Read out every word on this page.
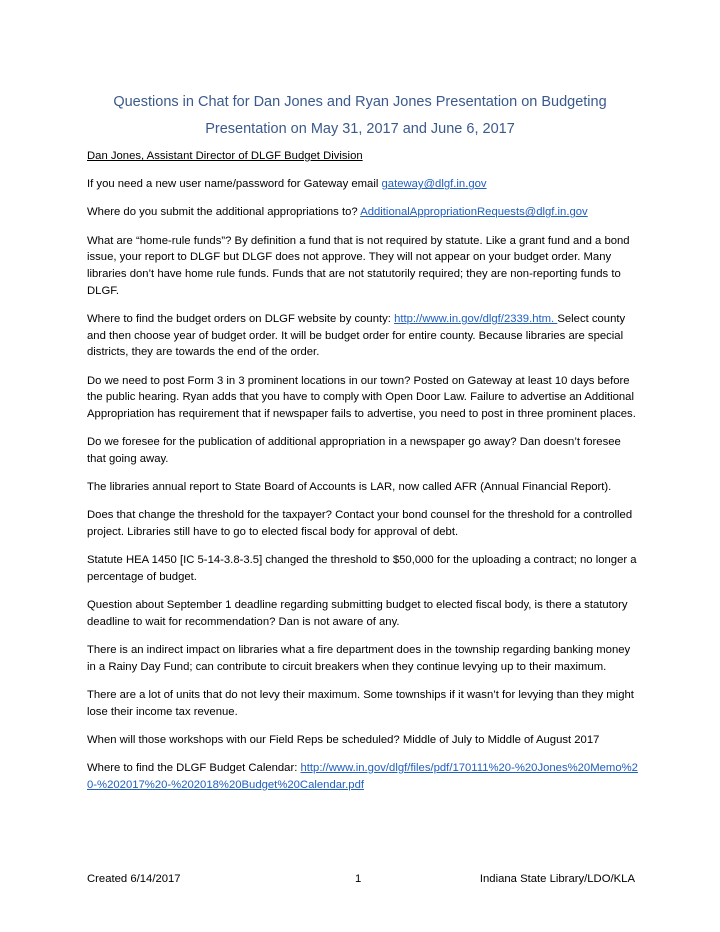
Questions in Chat for Dan Jones and Ryan Jones Presentation on Budgeting
Presentation on May 31, 2017 and June 6, 2017

Dan Jones, Assistant Director of DLGF Budget Division

If you need a new user name/password for Gateway email gateway@dlgf.in.gov

Where do you submit the additional appropriations to? AdditionalAppropriationRequests@dlgf.in.gov

What are “home-rule funds”? By definition a fund that is not required by statute. Like a grant fund and a bond issue, your report to DLGF but DLGF does not approve. They will not appear on your budget order. Many libraries don’t have home rule funds. Funds that are not statutorily required; they are non-reporting funds to DLGF.

Where to find the budget orders on DLGF website by county: http://www.in.gov/dlgf/2339.htm. Select county and then choose year of budget order. It will be budget order for entire county. Because libraries are special districts, they are towards the end of the order.

Do we need to post Form 3 in 3 prominent locations in our town? Posted on Gateway at least 10 days before the public hearing. Ryan adds that you have to comply with Open Door Law. Failure to advertise an Additional Appropriation has requirement that if newspaper fails to advertise, you need to post in three prominent places.

Do we foresee for the publication of additional appropriation in a newspaper go away? Dan doesn’t foresee that going away.

The libraries annual report to State Board of Accounts is LAR, now called AFR (Annual Financial Report).

Does that change the threshold for the taxpayer? Contact your bond counsel for the threshold for a controlled project. Libraries still have to go to elected fiscal body for approval of debt.

Statute HEA 1450 [IC 5-14-3.8-3.5] changed the threshold to $50,000 for the uploading a contract; no longer a percentage of budget.

Question about September 1 deadline regarding submitting budget to elected fiscal body, is there a statutory deadline to wait for recommendation? Dan is not aware of any.

There is an indirect impact on libraries what a fire department does in the township regarding banking money in a Rainy Day Fund; can contribute to circuit breakers when they continue levying up to their maximum.

There are a lot of units that do not levy their maximum. Some townships if it wasn’t for levying than they might lose their income tax revenue.

When will those workshops with our Field Reps be scheduled? Middle of July to Middle of August 2017

Where to find the DLGF Budget Calendar: http://www.in.gov/dlgf/files/pdf/170111%20-%20Jones%20Memo%20-%202017%20-%202018%20Budget%20Calendar.pdf

Created 6/14/2017	1	Indiana State Library/LDO/KLA
